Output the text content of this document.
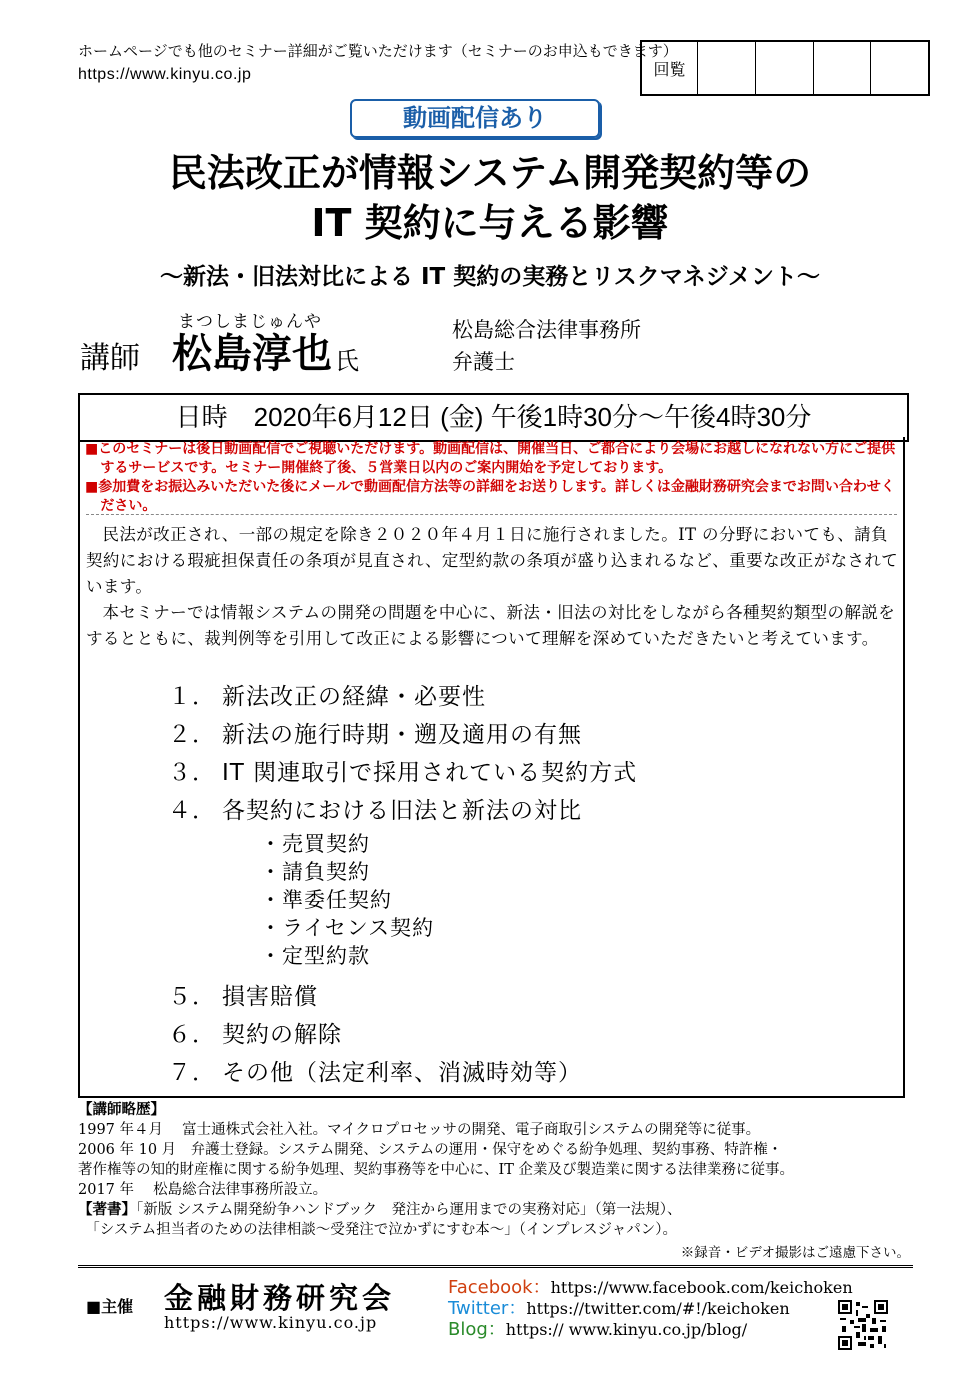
ホームページでも他のセミナー詳細がご覧いただけます（セミナーのお申込もできます）
https://www.kinyu.co.jp	回覧
動画配信あり
民法改正が情報システム開発契約等の
IT 契約に与える影響
～新法・旧法対比による IT 契約の実務とリスクマネジメント～
まつしまじゅんや
講師 松島淳也 氏
松島総合法律事務所
弁護士
日時　2020年6月12日 (金) 午後1時30分～午後4時30分

■このセミナーは後日動画配信でご視聴いただけます。動画配信は、開催当日、ご都合により会場にお越しになれない方にご提供するサービスです。セミナー開催終了後、５営業日以内のご案内開始を予定しております。

■参加費をお振込みいただいた後にメールで動画配信方法等の詳細をお送りします。詳しくは金融財務研究会までお問い合わせください。

民法が改正され、一部の規定を除き２０２０年４月１日に施行されました。IT の分野においても、請負契約における瑕疵担保責任の条項が見直され、定型約款の条項が盛り込まれるなど、重要な改正がなされています。

本セミナーでは情報システムの開発の問題を中心に、新法・旧法の対比をしながら各種契約類型の解説をするとともに、裁判例等を引用して改正による影響について理解を深めていただきたいと考えています。

１． 新法改正の経緯・必要性
２． 新法の施行時期・遡及適用の有無
３． IT 関連取引で採用されている契約方式
４． 各契約における旧法と新法の対比
・売買契約
・請負契約
・準委任契約
・ライセンス契約
・定型約款
５． 損害賠償
６． 契約の解除
７． その他（法定利率、消滅時効等）

【講師略歴】

1997 年４月　 富士通株式会社入社。マイクロプロセッサの開発、電子商取引システムの開発等に従事。

2006 年 10 月　弁護士登録。システム開発、システムの運用・保守をめぐる紛争処理、契約事務、特許権・

著作権等の知的財産権に関する紛争処理、契約事務等を中心に、IT 企業及び製造業に関する法律業務に従事。

2017 年　 松島総合法律事務所設立。

【著書】「新版 システム開発紛争ハンドブック　発注から運用までの実務対応」（第一法規）、

「システム担当者のための法律相談～受発注で泣かずにすむ本～」（インプレスジャパン）。

※録音・ビデオ撮影はご遠慮下さい。
■主催 金融財務研究会
https://www.kinyu.co.jp
Facebook：https://www.facebook.com/keichoken
Twitter：https://twitter.com/#!/keichoken
Blog：https:// www.kinyu.co.jp/blog/
